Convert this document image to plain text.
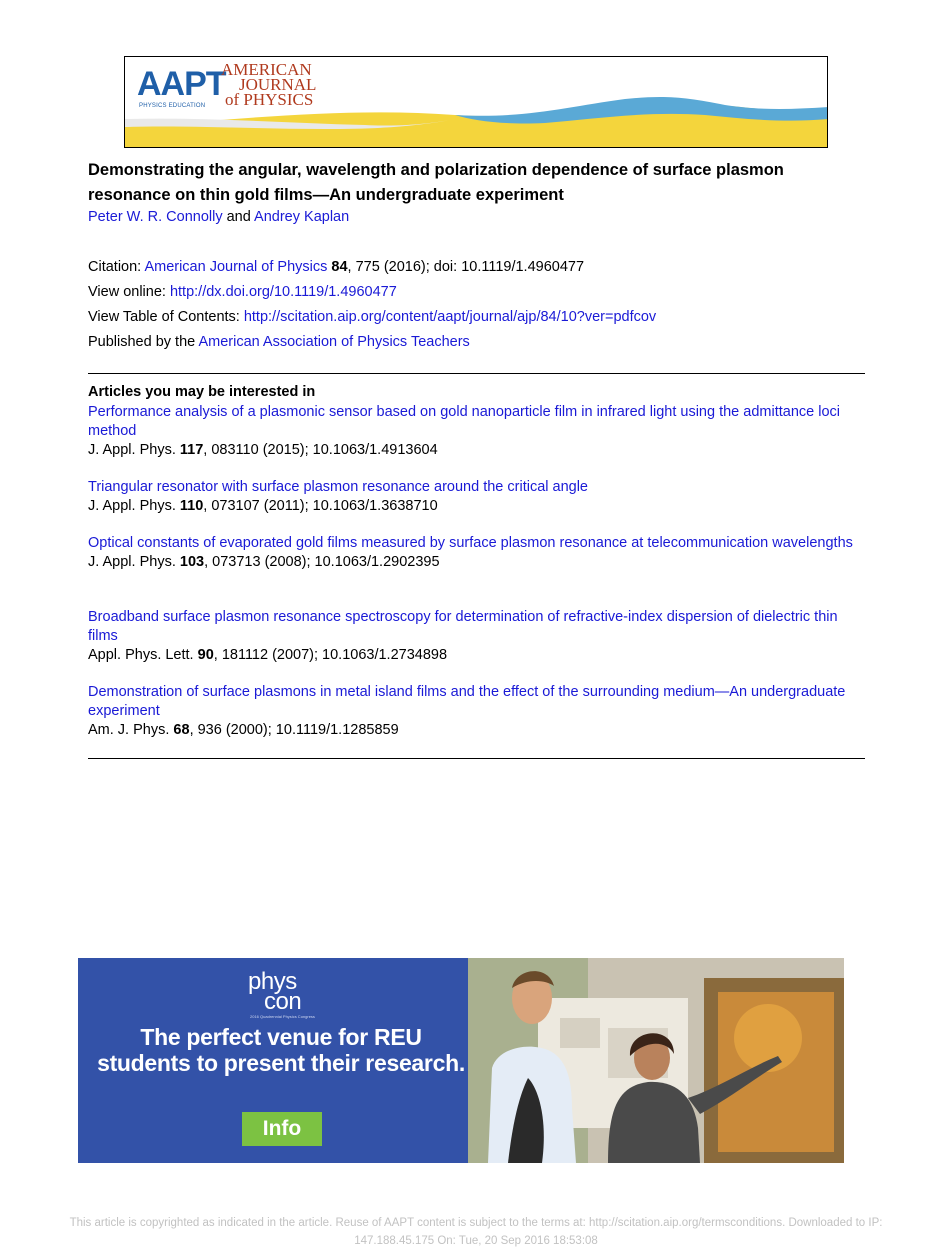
AAPT
PHYSICS EDUCATION
AMERICAN
JOURNAL
of PHYSICS
Demonstrating the angular, wavelength and polarization dependence of surface plasmon resonance on thin gold films—An undergraduate experiment
Peter W. R. Connolly and Andrey Kaplan
Citation: American Journal of Physics 84, 775 (2016); doi: 10.1119/1.4960477
View online: http://dx.doi.org/10.1119/1.4960477
View Table of Contents: http://scitation.aip.org/content/aapt/journal/ajp/84/10?ver=pdfcov
Published by the American Association of Physics Teachers
Articles you may be interested in
Performance analysis of a plasmonic sensor based on gold nanoparticle film in infrared light using the admittance loci method
J. Appl. Phys. 117, 083110 (2015); 10.1063/1.4913604
Triangular resonator with surface plasmon resonance around the critical angle
J. Appl. Phys. 110, 073107 (2011); 10.1063/1.3638710
Optical constants of evaporated gold films measured by surface plasmon resonance at telecommunication wavelengths
J. Appl. Phys. 103, 073713 (2008); 10.1063/1.2902395
Broadband surface plasmon resonance spectroscopy for determination of refractive-index dispersion of dielectric thin films
Appl. Phys. Lett. 90, 181112 (2007); 10.1063/1.2734898
Demonstration of surface plasmons in metal island films and the effect of the surrounding medium—An undergraduate experiment
Am. J. Phys. 68, 936 (2000); 10.1119/1.1285859
phys
con
2016 Quadrennial Physics Congress
The perfect venue for REU students to present their research.
Info
This article is copyrighted as indicated in the article. Reuse of AAPT content is subject to the terms at: http://scitation.aip.org/termsconditions. Downloaded to IP:
147.188.45.175 On: Tue, 20 Sep 2016 18:53:08
